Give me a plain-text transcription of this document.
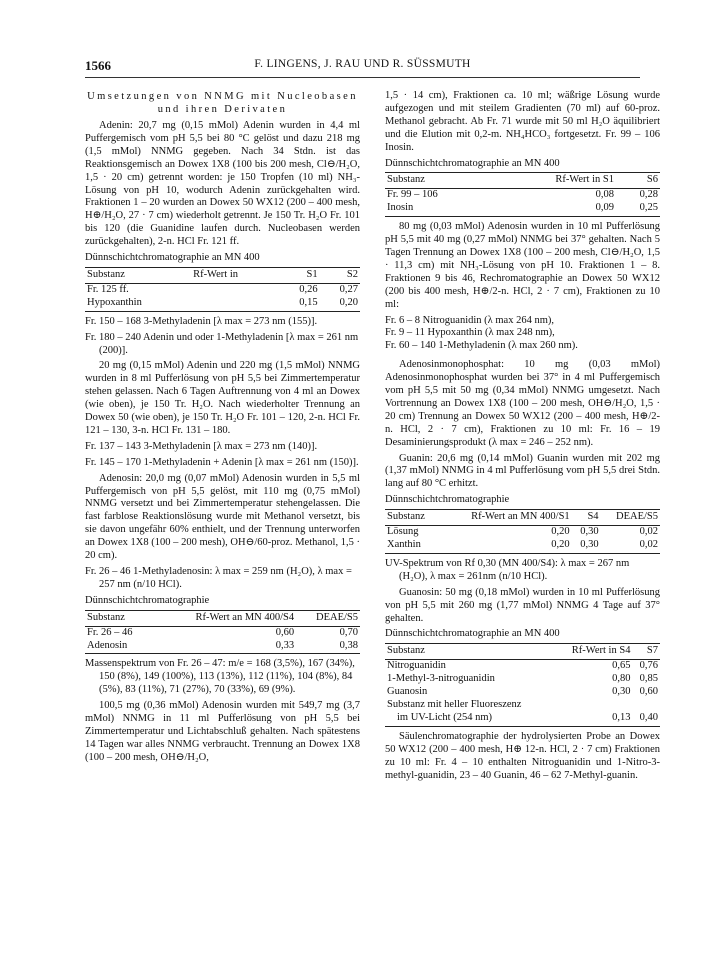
1566	F. LINGENS, J. RAU UND R. SÜSSMUTH
Umsetzungen von NNMG mit Nucleobasen und ihren Derivaten

Adenin: 20,7 mg (0,15 mMol) Adenin wurden in 4,4 ml Puffergemisch vom pH 5,5 bei 80 °C gelöst und dazu 218 mg (1,5 mMol) NNMG gegeben. Nach 34 Stdn. ist das Reaktionsgemisch an Dowex 1X8 (100 bis 200 mesh, Cl⊖/H₂O, 1,5 · 20 cm) getrennt worden: je 150 Tropfen (10 ml) NH₃-Lösung von pH 10, wodurch Adenin zurückgehalten wird. Fraktionen 1 – 20 wurden an Dowex 50 WX12 (200 – 400 mesh, H⊕/H₂O, 27 · 7 cm) wiederholt getrennt. Je 150 Tr. H₂O Fr. 101 bis 120 (die Guanidine laufen durch. Nucleobasen werden zurückgehalten), 2-n. HCl Fr. 121 ff.

Dünnschichtchromatographie an MN 400
Substanz	Rf-Wert in	S1	S2
Fr. 125 ff.		0,26	0,27
Hypoxanthin		0,15	0,20
Fr. 150 – 168 3-Methyladenin [λ max = 273 nm (155)].
Fr. 180 – 240 Adenin und oder 1-Methyladenin [λ max = 261 nm (200)].

20 mg (0,15 mMol) Adenin und 220 mg (1,5 mMol) NNMG wurden in 8 ml Pufferlösung von pH 5,5 bei Zimmertemperatur stehen gelassen. Nach 6 Tagen Auftrennung von 4 ml an Dowex (wie oben), je 150 Tr. H₂O. Nach wiederholter Trennung an Dowex 50 (wie oben), je 150 Tr. H₂O Fr. 101 – 120, 2-n. HCl Fr. 121 – 130, 3-n. HCl Fr. 131 – 180.

Fr. 137 – 143 3-Methyladenin [λ max = 273 nm (140)].
Fr. 145 – 170 1-Methyladenin + Adenin [λ max = 261 nm (150)].

Adenosin: 20,0 mg (0,07 mMol) Adenosin wurden in 5,5 ml Puffergemisch von pH 5,5 gelöst, mit 110 mg (0,75 mMol) NNMG versetzt und bei Zimmertemperatur stehengelassen. Die fast farblose Reaktionslösung wurde mit Methanol versetzt, bis sie davon ungefähr 60% enthielt, und der Trennung unterworfen an Dowex 1X8 (100 – 200 mesh), OH⊖/60-proz. Methanol, 1,5 · 20 cm).

Fr. 26 – 46 1-Methyladenosin: λ max = 259 nm (H₂O), λ max = 257 nm (n/10 HCl).
Dünnschichtchromatographie
Substanz	Rf-Wert an MN 400/S4	DEAE/S5
Fr. 26 – 46	0,60	0,70
Adenosin	0,33	0,38
Massenspektrum von Fr. 26 – 47: m/e = 168 (3,5%), 167 (34%), 150 (8%), 149 (100%), 113 (13%), 112 (11%), 104 (8%), 84 (5%), 83 (11%), 71 (27%), 70 (33%), 69 (9%).

100,5 mg (0,36 mMol) Adenosin wurden mit 549,7 mg (3,7 mMol) NNMG in 11 ml Pufferlösung von pH 5,5 bei Zimmertemperatur und Lichtabschluß gehalten. Nach spätestens 14 Tagen war alles NNMG verbraucht. Trennung an Dowex 1X8 (100 – 200 mesh, OH⊖/H₂O,

1,5 · 14 cm), Fraktionen ca. 10 ml; wäßrige Lösung wurde aufgezogen und mit steilem Gradienten (70 ml) auf 60-proz. Methanol gebracht. Ab Fr. 71 wurde mit 50 ml H₂O äquilibriert und die Elution mit 0,2-m. NH₄HCO₃ fortgesetzt. Fr. 99 – 106 Inosin.

Dünnschichtchromatographie an MN 400
Substanz	Rf-Wert in S1	S6
Fr. 99 – 106	0,08	0,28
Inosin	0,09	0,25

80 mg (0,03 mMol) Adenosin wurden in 10 ml Pufferlösung pH 5,5 mit 40 mg (0,27 mMol) NNMG bei 37° gehalten. Nach 5 Tagen Trennung an Dowex 1X8 (100 – 200 mesh, Cl⊖/H₂O, 1,5 · 11,3 cm) mit NH₃-Lösung von pH 10. Fraktionen 1 – 8. Fraktionen 9 bis 46, Rechromatographie an Dowex 50 WX12 (200 bis 400 mesh, H⊕/2-n. HCl, 2 · 7 cm), Fraktionen zu 10 ml:

Fr. 6 – 8 Nitroguanidin (λ max 264 nm),
Fr. 9 – 11 Hypoxanthin (λ max 248 nm),
Fr. 60 – 140 1-Methyladenin (λ max 260 nm).

Adenosinmonophosphat: 10 mg (0,03 mMol) Adenosinmonophosphat wurden bei 37° in 4 ml Puffergemisch vom pH 5,5 mit 50 mg (0,34 mMol) NNMG umgesetzt. Nach Vortrennung an Dowex 1X8 (100 – 200 mesh, OH⊖/H₂O, 1,5 · 20 cm) Trennung an Dowex 50 WX12 (200 – 400 mesh, H⊕/2-n. HCl, 2 · 7 cm), Fraktionen zu 10 ml: Fr. 16 – 19 Desaminierungsprodukt (λ max = 246 – 252 nm).

Guanin: 20,6 mg (0,14 mMol) Guanin wurden mit 202 mg (1,37 mMol) NNMG in 4 ml Pufferlösung vom pH 5,5 drei Stdn. lang auf 80 °C erhitzt.

Dünnschichtchromatographie
Substanz	Rf-Wert an MN 400/S1	S4	DEAE/S5
Lösung	0,20	0,30	0,02
Xanthin	0,20	0,30	0,02
UV-Spektrum von Rf 0,30 (MN 400/S4): λ max = 267 nm (H₂O), λ max = 261nm (n/10 HCl).

Guanosin: 50 mg (0,18 mMol) wurden in 10 ml Pufferlösung von pH 5,5 mit 260 mg (1,77 mMol) NNMG 4 Tage auf 37° gehalten.

Dünnschichtchromatographie an MN 400
Substanz	Rf-Wert in S4	S7
Nitroguanidin	0,65	0,76
1-Methyl-3-nitroguanidin	0,80	0,85
Guanosin	0,30	0,60
Substanz mit heller Fluoreszenz		
im UV-Licht (254 nm)	0,13	0,40

Säulenchromatographie der hydrolysierten Probe an Dowex 50 WX12 (200 – 400 mesh, H⊕ 12-n. HCl, 2 · 7 cm) Fraktionen zu 10 ml: Fr. 4 – 10 enthalten Nitroguanidin und 1-Nitro-3-methyl-guanidin, 23 – 40 Guanin, 46 – 62 7-Methyl-guanin.
